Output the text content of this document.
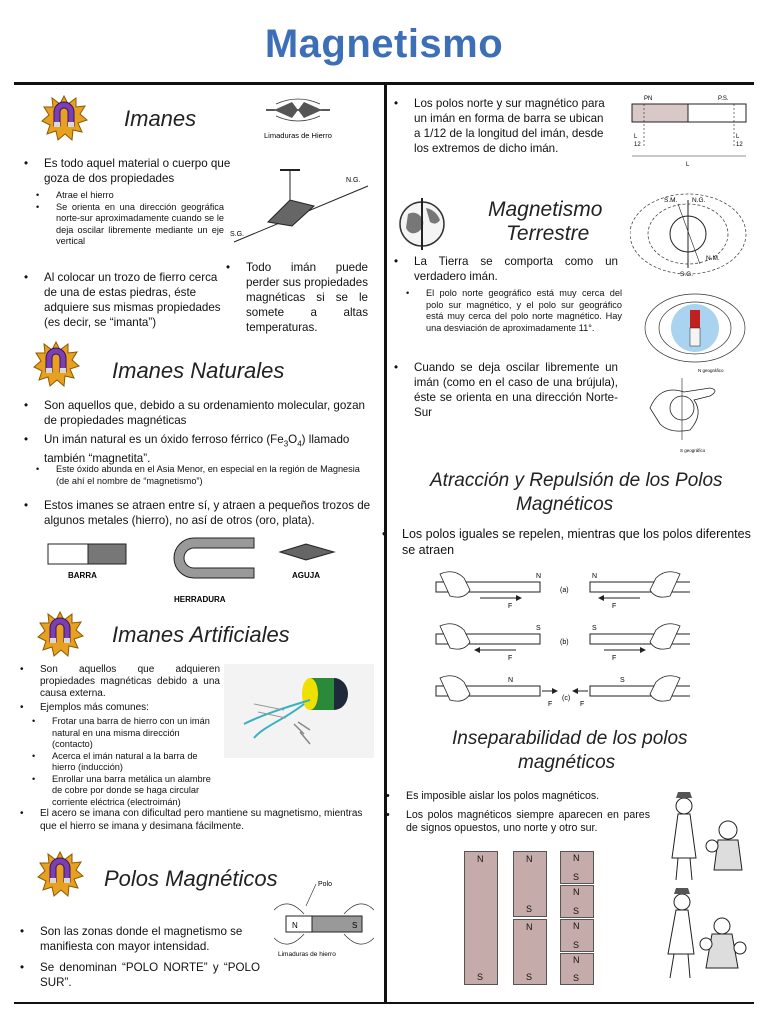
Magnetismo
Imanes
Limaduras de Hierro
S.G.
N.G.
• Es todo aquel material o cuerpo que goza de dos propiedades
• Atrae el hierro
• Se orienta en una dirección geográfica norte-sur aproximadamente cuando se le deja oscilar libremente mediante un eje vertical
• Al colocar un trozo de fierro cerca de una de estas piedras, éste adquiere sus mismas propiedades (es decir, se “imanta”)
• Todo imán puede perder sus propiedades magnéticas si se le somete a altas temperaturas.
Imanes Naturales
• Son aquellos que, debido a su ordenamiento molecular, gozan de propiedades magnéticas
• Un imán natural es un óxido ferroso férrico $(Fe_3O_4)$ llamado también “magnetita”.
• Este óxido abunda en el Asia Menor, en especial en la región de Magnesia (de ahí el nombre de “magnetismo”)
• Estos imanes se atraen entre sí, y atraen a pequeños trozos de algunos metales (hierro), no así de otros (oro, plata).
BARRA
HERRADURA
AGUJA
Imanes Artificiales
• Son aquellos que adquieren propiedades magnéticas debido a una causa externa.
• Ejemplos más comunes:
• Frotar una barra de hierro con un imán natural en una misma dirección (contacto)
• Acerca el imán natural a la barra de hierro (inducción)
• Enrollar una barra metálica un alambre de cobre por donde se haga circular corriente eléctrica (electroimán)
• El acero se imana con dificultad pero mantiene su magnetismo, mientras que el hierro se imana y desimana fácilmente.
Polos Magnéticos	Polo
N	S
Limaduras de hierro
• Son las zonas donde el magnetismo se manifiesta con mayor intensidad.
• Se denominan “POLO NORTE” y “POLO SUR”.
• Los polos norte y sur magnético para un imán en forma de barra se ubican a 1/12 de la longitud del imán, desde los extremos de dicho imán.
PN	P.S.
L
12
L
12
L
Magnetismo
Terrestre
S.M. N.G.
N.M.
S.G.
• La Tierra se comporta como un verdadero imán.
• El polo norte geográfico está muy cerca del polo sur magnético, y el polo sur geográfico está muy cerca del polo norte magnético. Hay una desviación de aproximadamente 11°.
• Cuando se deja oscilar libremente un imán (como en el caso de una brújula), éste se orienta en una dirección Norte-Sur
N geográfico
S geográfico
Atracción y Repulsión de los Polos
Magnéticos
• Los polos iguales se repelen, mientras que los polos diferentes se atraen
N	N
F	F
(a)
S	S
F	F
(b)
N	S
F	F
(c)
Inseparabilidad de los polos
magnéticos
• Es imposible aislar los polos magnéticos.
• Los polos magnéticos siempre aparecen en pares de signos opuestos, uno norte y otro sur.
N
S
N
S
N
S
N
S
N
S
N
S
N
S
